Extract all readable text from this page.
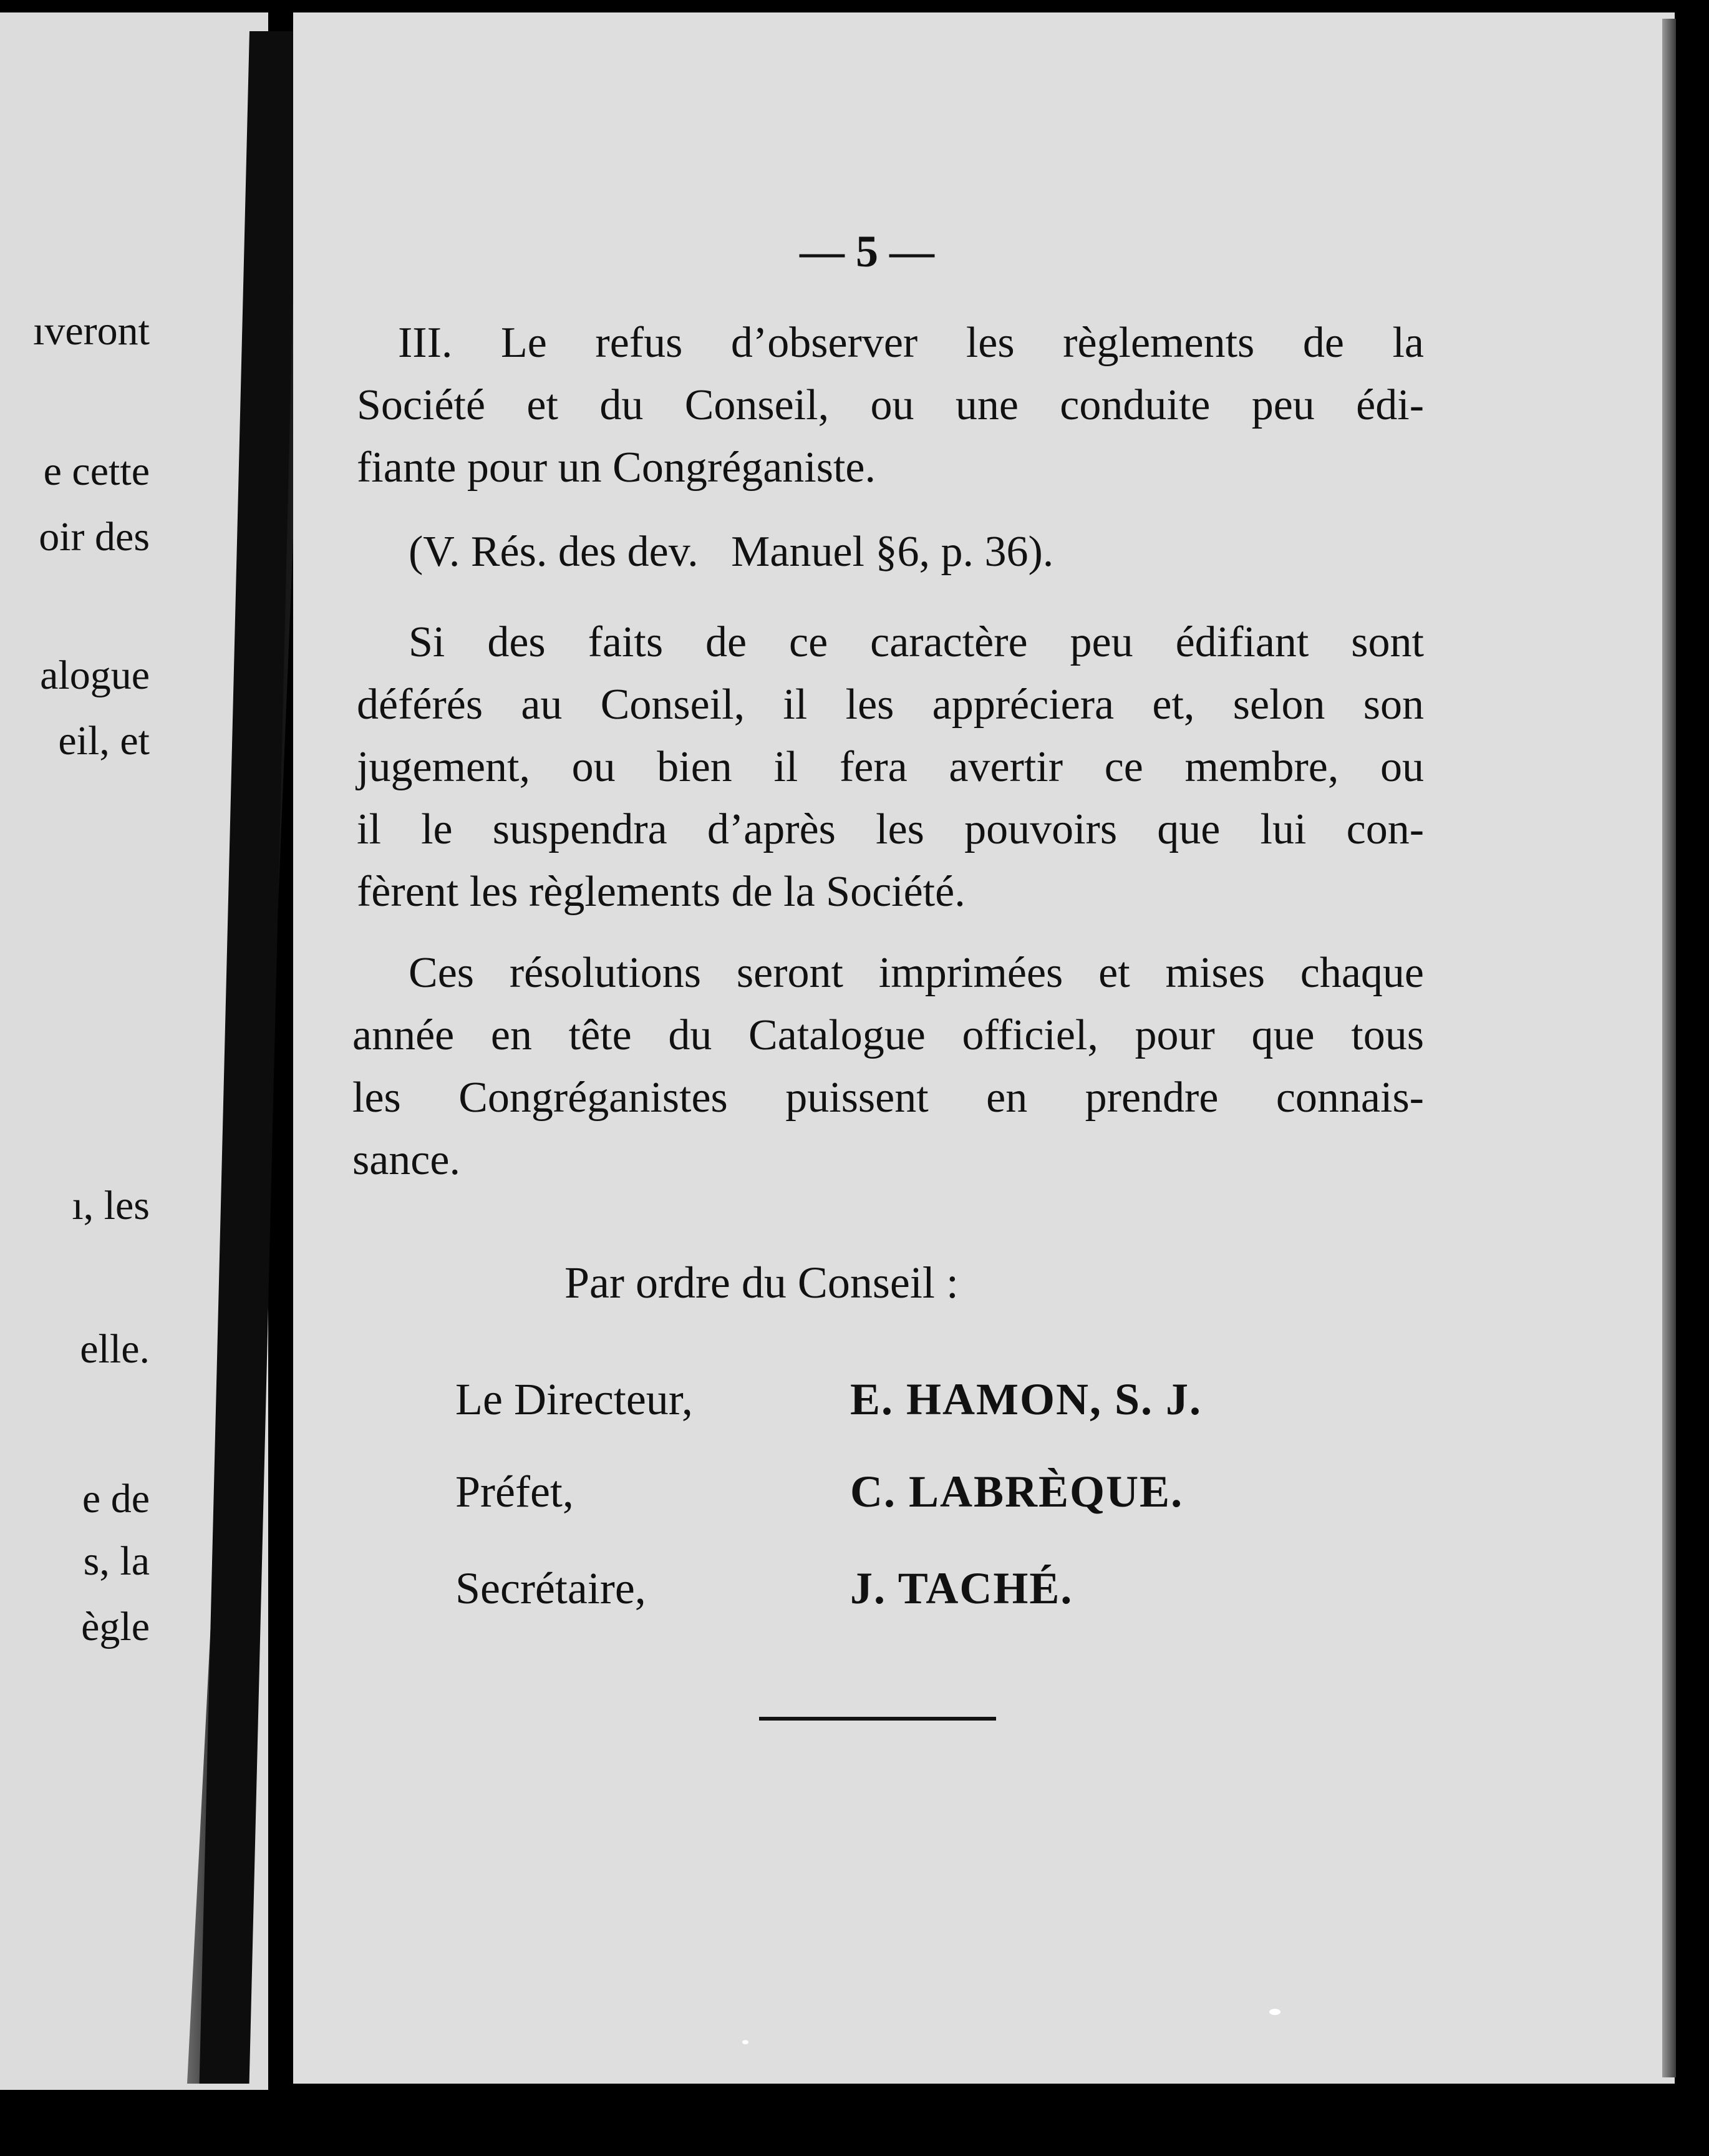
ıveront
e cette
oir des
alogue
eil, et
ı, les
elle.
e de
s, la
ègle
— 5 —
III. Le refus d’observer les règlements de la
Société et du Conseil, ou une conduite peu édi-
fiante pour un Congréganiste.
(V. Rés. des dev.   Manuel §6, p. 36).
Si des faits de ce caractère peu édifiant sont
déférés au Conseil, il les appréciera et, selon son
jugement, ou bien il fera avertir ce membre, ou
il le suspendra d’après les pouvoirs que lui con-
fèrent les règlements de la Société.
Ces résolutions seront imprimées et mises chaque
année en tête du Catalogue officiel, pour que tous
les Congréganistes puissent en prendre connais-
sance.
Par ordre du Conseil :
Le Directeur,	E. HAMON, S. J.
Préfet,	C. LABRÈQUE.
Secrétaire,	J. TACHÉ.
